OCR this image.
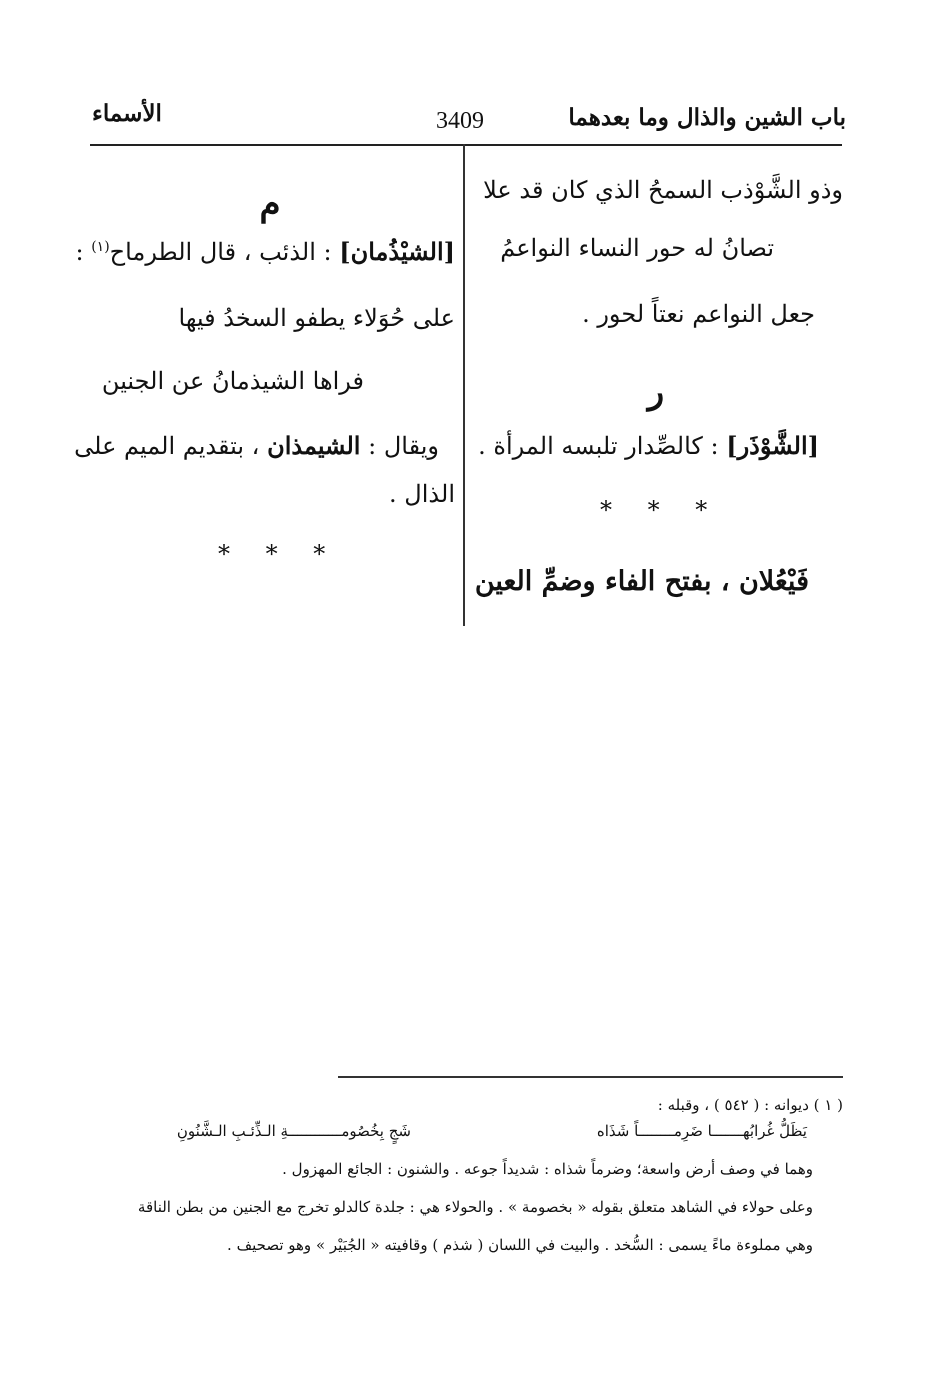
باب الشين والذال وما بعدهما
3409
الأسماء
وذو الشَّوْذب السمحُ الذي كان قد علا
تصانُ له حور النساء النواعمُ
جعل النواعم نعتاً لحور .
ر
[الشَّوْذَر] : كالصِّدار تلبسه المرأة .
* * *
فَيْعُلان ، بفتح الفاء وضمِّ العين
م
[الشيْذُمان] : الذئب ، قال الطرماح$^{(١)}$ :
على حُوَلاء يطفو السخدُ فيها
فراها الشيذمانُ عن الجنين
ويقال : الشيمذان ، بتقديم الميم على
الذال .
* * *
( ١ ) ديوانه : ( ٥٤٢ ) ، وقبله :
يَظَلُّ غُرابُهـــــــا ضَرِمــــــــاً شَذَاه
شَجٍ بِخُصُومــــــــــــةِ الـذِّئـبِ الـشَّنُونِ
وهما في وصف أرض واسعة؛ وضرماً شذاه : شديداً جوعه . والشنون : الجائع المهزول .
وعلى حولاء في الشاهد متعلق بقوله « بخصومة » . والحولاء هي : جلدة كالدلو تخرج مع الجنين من بطن الناقة
وهي مملوءة ماءً يسمى : السُّخد . والبيت في اللسان ( شذم ) وقافيته « الجُبَيْر » وهو تصحيف .
